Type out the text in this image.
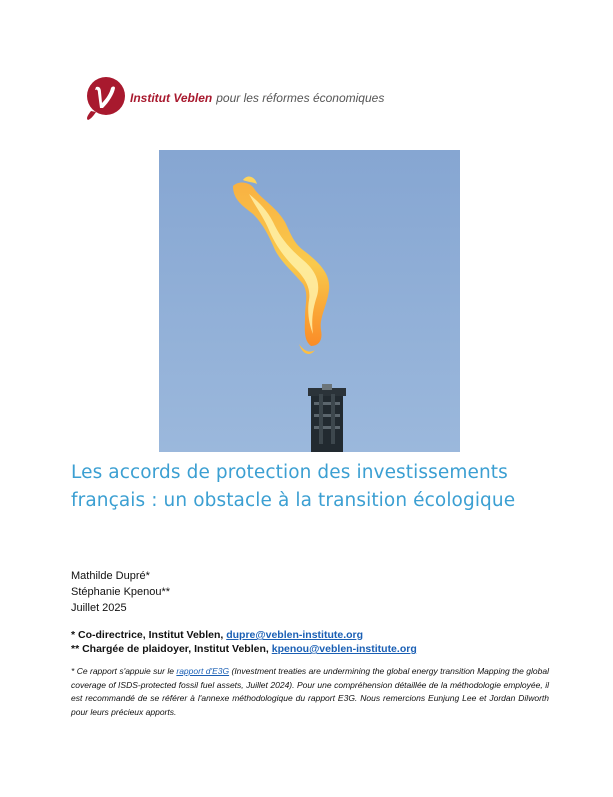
Institut Veblen pour les réformes économiques
Les accords de protection des investissements français : un obstacle à la transition écologique
Mathilde Dupré*
Stéphanie Kpenou**
Juillet 2025
* Co-directrice, Institut Veblen, dupre@veblen-institute.org
** Chargée de plaidoyer, Institut Veblen, kpenou@veblen-institute.org

* Ce rapport s'appuie sur le rapport d'E3G (Investment treaties are undermining the global energy transition Mapping the global coverage of ISDS-protected fossil fuel assets, Juillet 2024). Pour une compréhension détaillée de la méthodologie employée, il est recommandé de se référer à l'annexe méthodologique du rapport E3G. Nous remercions Eunjung Lee et Jordan Dilworth pour leurs précieux apports.
